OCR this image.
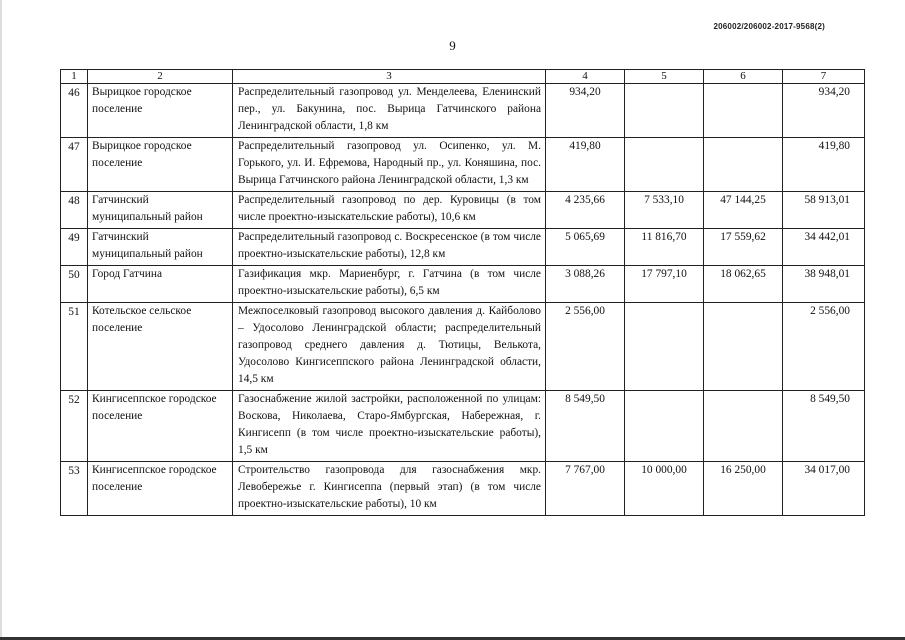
206002/206002-2017-9568(2)
9
1	2	3	4	5	6	7
46	Вырицкое городское поселение	Распределительный газопровод ул. Менделеева, Еленинский пер., ул. Бакунина, пос. Вырица Гатчинского района Ленинградской области, 1,8 км	934,20			934,20
47	Вырицкое городское поселение	Распределительный газопровод ул. Осипенко, ул. М. Горького, ул. И. Ефремова, Народный пр., ул. Коняшина, пос. Вырица Гатчинского района Ленинградской области, 1,3 км	419,80			419,80
48	Гатчинский муниципальный район	Распределительный газопровод по дер. Куровицы (в том числе проектно-изыскательские работы), 10,6 км	4 235,66	7 533,10	47 144,25	58 913,01
49	Гатчинский муниципальный район	Распределительный газопровод с. Воскресенское (в том числе проектно-изыскательские работы), 12,8 км	5 065,69	11 816,70	17 559,62	34 442,01
50	Город Гатчина	Газификация мкр. Мариенбург, г. Гатчина (в том числе проектно-изыскательские работы), 6,5 км	3 088,26	17 797,10	18 062,65	38 948,01
51	Котельское сельское поселение	Межпоселковый газопровод высокого давления д. Кайболово – Удосолово Ленинградской области; распределительный газопровод среднего давления д. Тютицы, Велькота, Удосолово Кингисеппского района Ленинградской области, 14,5 км	2 556,00			2 556,00
52	Кингисеппское городское поселение	Газоснабжение жилой застройки, расположенной по улицам: Воскова, Николаева, Старо-Ямбургская, Набережная, г. Кингисепп (в том числе проектно-изыскательские работы), 1,5 км	8 549,50			8 549,50
53	Кингисеппское городское поселение	Строительство газопровода для газоснабжения мкр. Левобережье г. Кингисеппа (первый этап) (в том числе проектно-изыскательские работы), 10 км	7 767,00	10 000,00	16 250,00	34 017,00
